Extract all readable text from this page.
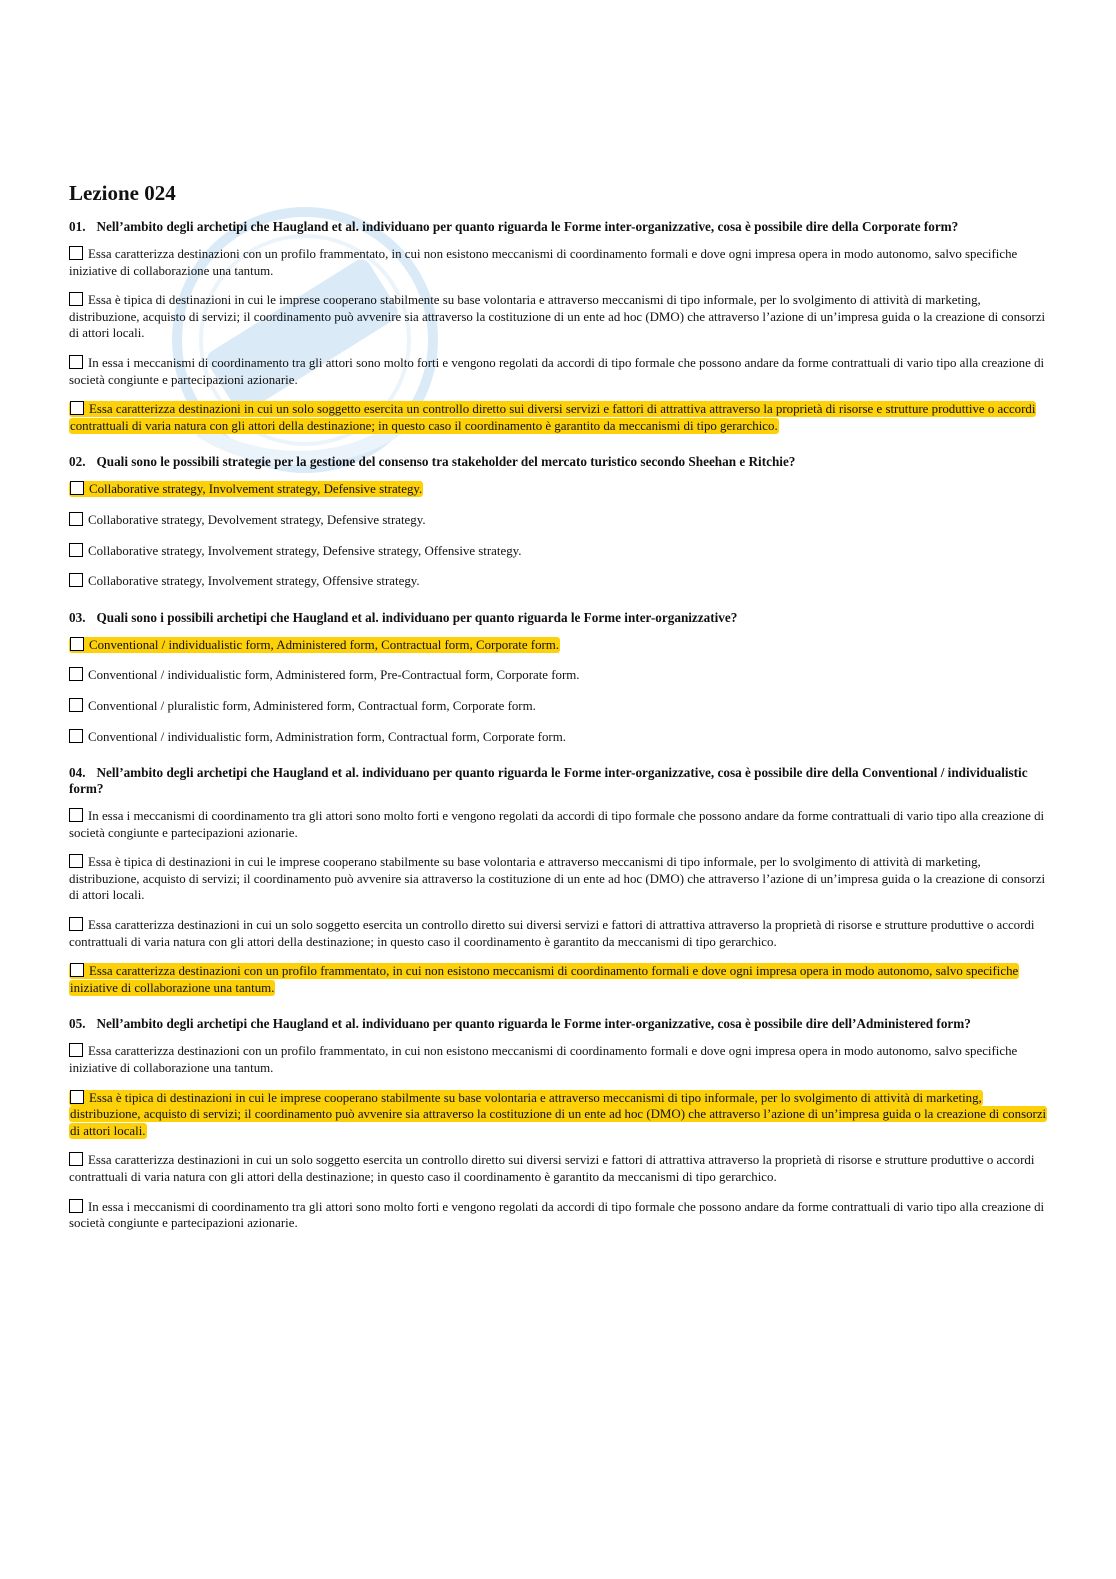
Lezione 024
01. Nell’ambito degli archetipi che Haugland et al. individuano per quanto riguarda le Forme inter-organizzative, cosa è possibile dire della Corporate form?
Essa caratterizza destinazioni con un profilo frammentato, in cui non esistono meccanismi di coordinamento formali e dove ogni impresa opera in modo autonomo, salvo specifiche iniziative di collaborazione una tantum.
Essa è tipica di destinazioni in cui le imprese cooperano stabilmente su base volontaria e attraverso meccanismi di tipo informale, per lo svolgimento di attività di marketing, distribuzione, acquisto di servizi; il coordinamento può avvenire sia attraverso la costituzione di un ente ad hoc (DMO) che attraverso l’azione di un’impresa guida o la creazione di consorzi di attori locali.
In essa i meccanismi di coordinamento tra gli attori sono molto forti e vengono regolati da accordi di tipo formale che possono andare da forme contrattuali di vario tipo alla creazione di società congiunte e partecipazioni azionarie.
Essa caratterizza destinazioni in cui un solo soggetto esercita un controllo diretto sui diversi servizi e fattori di attrattiva attraverso la proprietà di risorse e strutture produttive o accordi contrattuali di varia natura con gli attori della destinazione; in questo caso il coordinamento è garantito da meccanismi di tipo gerarchico.
02. Quali sono le possibili strategie per la gestione del consenso tra stakeholder del mercato turistico secondo Sheehan e Ritchie?
Collaborative strategy, Involvement strategy, Defensive strategy.
Collaborative strategy, Devolvement strategy, Defensive strategy.
Collaborative strategy, Involvement strategy, Defensive strategy, Offensive strategy.
Collaborative strategy, Involvement strategy, Offensive strategy.
03. Quali sono i possibili archetipi che Haugland et al. individuano per quanto riguarda le Forme inter-organizzative?
Conventional / individualistic form, Administered form, Contractual form, Corporate form.
Conventional / individualistic form, Administered form, Pre-Contractual form, Corporate form.
Conventional / pluralistic form, Administered form, Contractual form, Corporate form.
Conventional / individualistic form, Administration form, Contractual form, Corporate form.
04. Nell’ambito degli archetipi che Haugland et al. individuano per quanto riguarda le Forme inter-organizzative, cosa è possibile dire della Conventional / individualistic form?
In essa i meccanismi di coordinamento tra gli attori sono molto forti e vengono regolati da accordi di tipo formale che possono andare da forme contrattuali di vario tipo alla creazione di società congiunte e partecipazioni azionarie.
Essa è tipica di destinazioni in cui le imprese cooperano stabilmente su base volontaria e attraverso meccanismi di tipo informale, per lo svolgimento di attività di marketing, distribuzione, acquisto di servizi; il coordinamento può avvenire sia attraverso la costituzione di un ente ad hoc (DMO) che attraverso l’azione di un’impresa guida o la creazione di consorzi di attori locali.
Essa caratterizza destinazioni in cui un solo soggetto esercita un controllo diretto sui diversi servizi e fattori di attrattiva attraverso la proprietà di risorse e strutture produttive o accordi contrattuali di varia natura con gli attori della destinazione; in questo caso il coordinamento è garantito da meccanismi di tipo gerarchico.
Essa caratterizza destinazioni con un profilo frammentato, in cui non esistono meccanismi di coordinamento formali e dove ogni impresa opera in modo autonomo, salvo specifiche iniziative di collaborazione una tantum.
05. Nell’ambito degli archetipi che Haugland et al. individuano per quanto riguarda le Forme inter-organizzative, cosa è possibile dire dell’Administered form?
Essa caratterizza destinazioni con un profilo frammentato, in cui non esistono meccanismi di coordinamento formali e dove ogni impresa opera in modo autonomo, salvo specifiche iniziative di collaborazione una tantum.
Essa è tipica di destinazioni in cui le imprese cooperano stabilmente su base volontaria e attraverso meccanismi di tipo informale, per lo svolgimento di attività di marketing, distribuzione, acquisto di servizi; il coordinamento può avvenire sia attraverso la costituzione di un ente ad hoc (DMO) che attraverso l’azione di un’impresa guida o la creazione di consorzi di attori locali.
Essa caratterizza destinazioni in cui un solo soggetto esercita un controllo diretto sui diversi servizi e fattori di attrattiva attraverso la proprietà di risorse e strutture produttive o accordi contrattuali di varia natura con gli attori della destinazione; in questo caso il coordinamento è garantito da meccanismi di tipo gerarchico.
In essa i meccanismi di coordinamento tra gli attori sono molto forti e vengono regolati da accordi di tipo formale che possono andare da forme contrattuali di vario tipo alla creazione di società congiunte e partecipazioni azionarie.
